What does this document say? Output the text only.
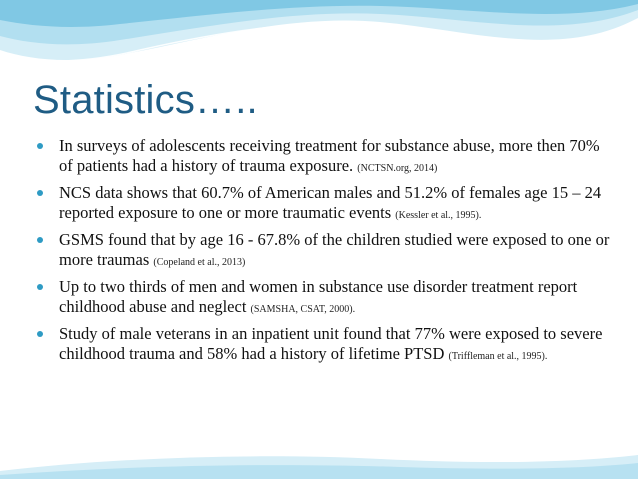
Statistics…..
In surveys of adolescents receiving treatment for substance abuse, more then 70% of patients had a history of trauma exposure. (NCTSN.org, 2014)
NCS data shows that 60.7% of American males and 51.2% of females age 15 – 24 reported exposure to one or more traumatic events (Kessler et al., 1995).
GSMS found that by age 16 - 67.8% of the children studied were exposed to one or more traumas (Copeland et al., 2013)
Up to two thirds of men and women in substance use disorder treatment report childhood abuse and neglect (SAMSHA, CSAT, 2000).
Study of male veterans in an inpatient unit found that 77% were exposed to severe childhood trauma and 58% had a history of lifetime PTSD (Triffleman et al., 1995).
